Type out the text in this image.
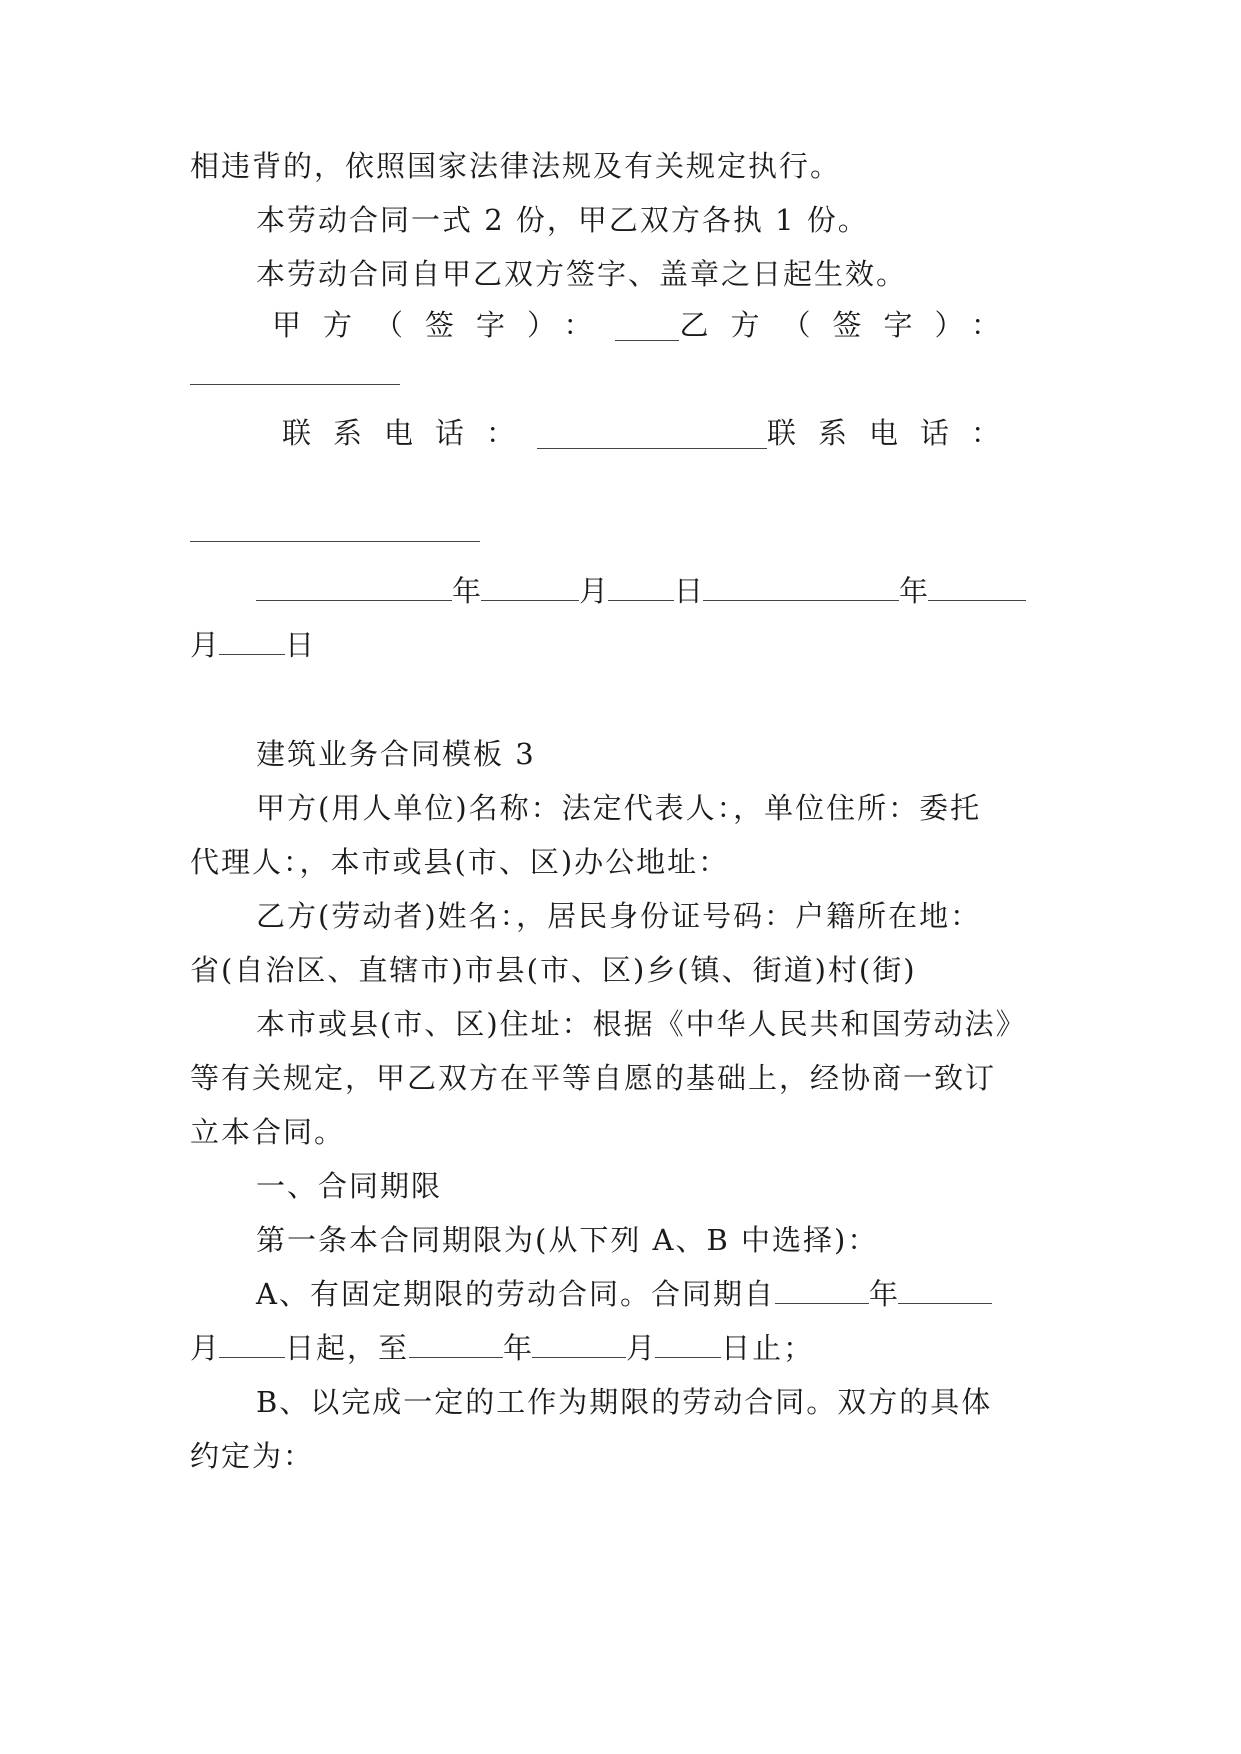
相违背的，依照国家法律法规及有关规定执行。
本劳动合同一式 2 份，甲乙双方各执 1 份。
本劳动合同自甲乙双方签字、盖章之日起生效。
甲方（签字）： 乙方（签字）：
联系电话：	联系电话：
年	月 日	年
月 日
建筑业务合同模板 3
甲方(用人单位)名称：法定代表人：，单位住所：委托
代理人：，本市或县(市、区)办公地址：
乙方(劳动者)姓名：，居民身份证号码：户籍所在地：
省(自治区、直辖市)市县(市、区)乡(镇、街道)村(街)
本市或县(市、区)住址：根据《中华人民共和国劳动法》
等有关规定，甲乙双方在平等自愿的基础上，经协商一致订
立本合同。
一、合同期限
第一条本合同期限为(从下列 A、B 中选择)：
A、有固定期限的劳动合同。合同期自	年
月 日起，至	年	月 日止；
B、以完成一定的工作为期限的劳动合同。双方的具体
约定为：
